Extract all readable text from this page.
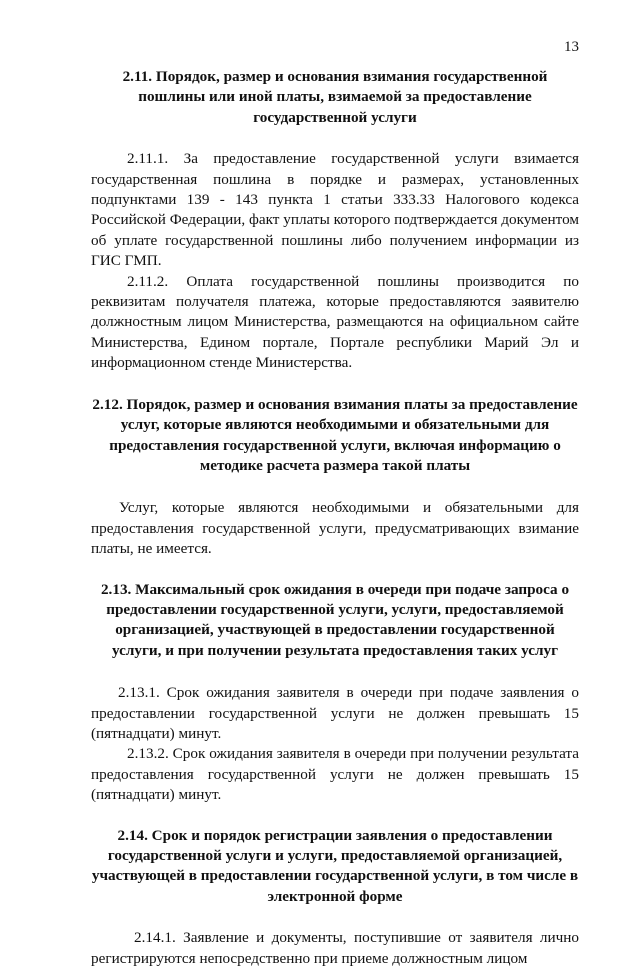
13

2.11. Порядок, размер и основания взимания государственной пошлины или иной платы, взимаемой за предоставление государственной услуги

2.11.1. За предоставление государственной услуги взимается государственная пошлина в порядке и размерах, установленных подпунктами 139 - 143 пункта 1 статьи 333.33 Налогового кодекса Российской Федерации, факт уплаты которого подтверждается документом об уплате государственной пошлины либо получением информации из ГИС ГМП.

2.11.2. Оплата государственной пошлины производится по реквизитам получателя платежа, которые предоставляются заявителю должностным лицом Министерства, размещаются на официальном сайте Министерства, Едином портале, Портале республики Марий Эл и информационном стенде Министерства.

2.12. Порядок, размер и основания взимания платы за предоставление услуг, которые являются необходимыми и обязательными для предоставления государственной услуги, включая информацию о методике расчета размера такой платы

Услуг, которые являются необходимыми и обязательными для предоставления государственной услуги, предусматривающих взимание платы, не имеется.

2.13. Максимальный срок ожидания в очереди при подаче запроса о предоставлении государственной услуги, услуги, предоставляемой организацией, участвующей в предоставлении государственной услуги, и при получении результата предоставления таких услуг

2.13.1. Срок ожидания заявителя в очереди при подаче заявления о предоставлении государственной услуги не должен превышать 15 (пятнадцати) минут.

2.13.2. Срок ожидания заявителя в очереди при получении результата предоставления государственной услуги не должен превышать 15 (пятнадцати) минут.

2.14. Срок и порядок регистрации заявления о предоставлении государственной услуги и услуги, предоставляемой организацией, участвующей в предоставлении государственной услуги, в том числе в электронной форме

2.14.1. Заявление и документы, поступившие от заявителя лично регистрируются непосредственно при приеме должностным лицом
